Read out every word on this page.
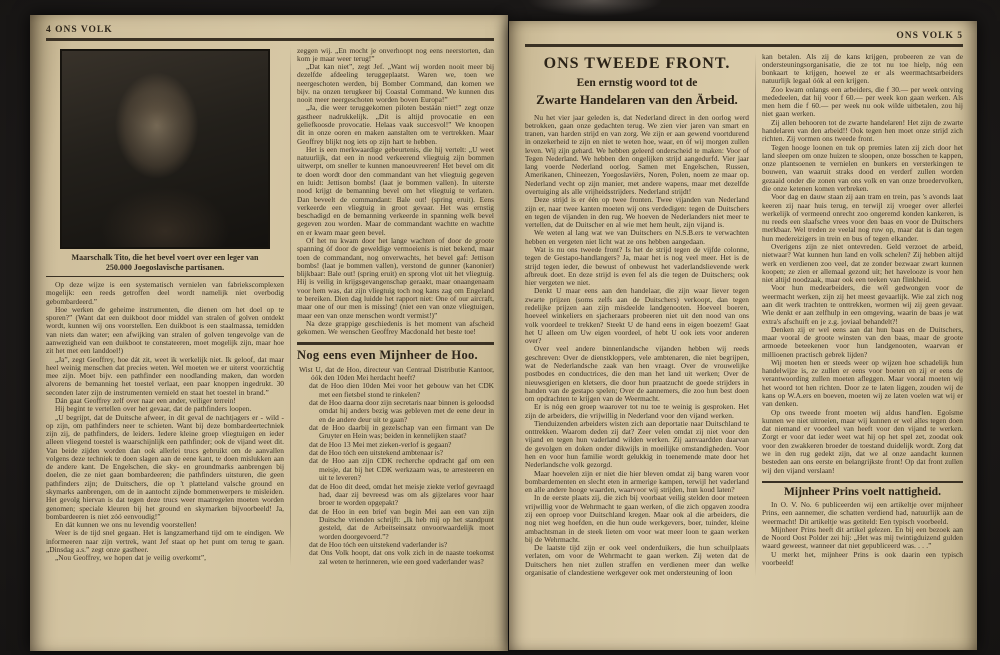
4 ONS VOLK
Maarschalk Tito, die het bevel voert over een leger van
250.000 Joegoslavische partisanen.

Op deze wijze is een systematisch vernielen van fabriekscomplexen mogelijk: een reeds getroffen deel wordt namelijk niet overbodig gebombardeerd.”

Hoe werken de geheime instrumenten, die dienen om het doel op te sporen?” (Want dat een duikboot door middel van stralen of golven ontdekt wordt, kunnen wij ons voorstellen. Een duikboot is een staalmassa, temidden van niets dan water; een afwijking van stralen of golven tengevolge van de aanwezigheid van een duikboot te constateeren, moet mogelijk zijn, maar hoe zit het met een landdoel!)

„Ja”, zegt Geoffrey, hoe dát zit, weet ik werkelijk niet. Ik geloof, dat maar heel weinig menschen dat precies weten. Wel moeten we er uiterst voorzichtig mee zijn. Moet bijv. een pathfinder een noodlanding maken, dan worden alvorens de bemanning het toestel verlaat, een paar knoppen ingedrukt. 30 seconden later zijn de instrumenten vernield en staat het toestel in brand.”

Dán gaat Geoffrey zelf over naar een ander, veiliger terrein!

Hij begint te vertellen over het gevaar, dat de pathfinders loopen.

„U begrijpt, dat de Duitsche afweer, in dit geval de nachtjagers er - wild - op zijn, om pathfinders neer te schieten. Want bij deze bombardeertechniek zijn zij, de pathfinders, de leiders. Iedere kleine groep vliegtuigen en ieder alleen vliegend toestel is waarschijnlijk een pathfinder; ook de vijand weet dit. Van beide zijden worden dan ook allerlei trucs gebruikt om de aanvallen volgens deze techniek te doen slagen aan de eene kant, te doen mislukken aan de andere kant. De Engelschen, die sky- en groundmarks aanbrengen bij doelen, die ze niet gaan bombardeeren; die pathfinders uitsturen, die geen pathfinders zijn; de Duitschers, die op 't platteland valsche ground en skymarks aanbrengen, om de in aantocht zijnde bommenwerpers te misleiden. Het gevolg hiervan is dat tegen deze trucs weer maatregelen moeten worden genomen; speciale kleuren bij het ground en skymarken bijvoorbeeld! Ja, bombardeeren is niet zóó eenvoudig!”

En dát kunnen we ons nu levendig voorstellen!

Weer is de tijd snel gegaan. Het is langzamerhand tijd om te eindigen. We informeeren naar zijn vertrek, want Jef staat op het punt om terug te gaan. „Dinsdag a.s.” zegt onze gastheer.

„Nou Geoffrey, we hopen dat je veilig overkomt”,

zeggen wij. „En mocht je onverhoopt nog eens neerstorten, dan kom je maar weer terug!”

„Dat kan niet”, zegt Jef. „Want wij worden nooit meer bij dezelfde afdeeling teruggeplaatst. Waren we, toen we neergeschoten werden, bij Bomber Command, dan komen we bijv. na onzen terugkeer bij Coastal Command. We kunnen dus nooit meer neergeschoten worden boven Europa!”

„Ja, die weer teruggekomen piloten bestáán niet!” zegt onze gastheer nadrukkelijk. „Dit is altijd provocatie en een geliefkoosde provocatie. Helaas vaak succesvol!” We knoopen dit in onze ooren en maken aanstalten om te vertrekken. Maar Geoffrey blijkt nog iets op zijn hart te hebben.

Het is een merkwaardige gebeurtenis, die hij vertelt: „U weet natuurlijk, dat een in nood verkeerend vliegtuig zijn bommen uitwerpt, om sneller te kunnen manoeuvreeren! Het bevel om dit te doen wordt door den commandant van het vliegtuig gegeven en luidt: Jettison bombs! (laat je bommen vallen). In uiterste nood krijgt de bemanning bevel om het vliegtuig te verlaten. Dan beveelt de commandant: Bale out! (spring eruit). Eens verkeerde een vliegtuig in groot gevaar. Het was ernstig beschadigd en de bemanning verkeerde in spanning welk bevel gegeven zou worden. Maar de commandant wachtte en wachtte en er kwam maar geen bevel.

Of het nu kwam door het lange wachten of door de groote spanning óf door de geweldige vermoeienis is niet bekend, maar toen de commandant, nog onverwachts, het bevel gaf: Jettison bombs! (laat je bommen vallen), verstond de gunner (kanonier) blijkbaar: Bale out! (spring eruit) en sprong vlot uit het vliegtuig. Hij is veilig in krijgsgevangenschap geraakt, maar onaangenaam voor hem was, dat zijn vliegtuig toch nog kans zag om Engeland te bereiken. Dien dag luidde het rapport niet: One of our aircraft, maar one of our men is missing! (niet een van onze vliegtuigen, maar een van onze menschen wordt vermist!)”

Na deze grappige geschiedenis is het moment van afscheid gekomen. We wenschen Geoffrey Macdonald het beste toe!

Nog eens even Mijnheer de Hoo.

Wist U, dat de Hoo, directeur van Centraal Distributie Kantoor, óók den 10den Mei herdacht heeft?

dat de Hoo dien 10den Mei voor het gebouw van het CDK met een fietsbel stond te rinkelen?

dat de Hoo daarna door zijn secretaris naar binnen is geloodsd omdat hij anders bezig was gebleven met de eene deur in en de andere deur uit te gaan?

dat de Hoo daarbij in gezelschap van een firmant van De Gruyter en Hein was; beiden in kennelijken staat?

dat de Hoo 13 Mei met zieken-verlof is gegaan?

dat de Hoo tóch een uitstekend ambtenaar is?

dat de Hoo aan zijn CDK recherche opdracht gaf om een meisje, dat bij het CDK werkzaam was, te arresteeren en uit te leveren?

dat de Hoo dit deed, omdat het meisje ziekte verlof gevraagd had, daar zij bevreesd was om als gijzelares voor haar broer te worden opgepakt?

dat de Hoo in een brief van begin Mei aan een van zijn Duitsche vrienden schrijft: „Ik heb mij op het standpunt gesteld, dat de Arbeitseinsatz onvoorwaardelijk moet worden doorgevoerd.”?

dat de Hoo tóch een uitstekend vaderlander is?

dat Ons Volk hoopt, dat ons volk zich in de naaste toekomst zal weten te herinneren, wie een goed vaderlander was?

ONS VOLK 5
ONS TWEEDE FRONT.
Een ernstig woord tot de
Zwarte Handelaren van den Ärbeid.

Nu het vier jaar geleden is, dat Nederland direct in den oorlog werd betrokken, gaan onze gedachten terug. We zien vier jaren van smart en tranen, van harden strijd en van zorg. We zijn er aan gewend voortdurend in onzekerheid te zijn en niet te weten hoe, waar, en óf wij morgen zullen leven. Wij zijn gehard. We hebben geleerd onderscheid te maken: Voor of Tegen Nederland. We hebben den ongelijken strijd aangedurfd. Vier jaar lang voerde Nederland oorlog. Samen met Engelschen, Russen, Amerikanen, Chineezen, Yoegoslaviërs, Noren, Polen, noem ze maar op. Nederland vecht op zijn manier, met andere wapens, maar met dezelfde overtuiging als alle vrijheidsstrijders. Nederland strijdt!

Deze strijd is er één op twee fronten. Twee vijanden van Nederland zijn er, naar twee kanten moeten wij ons verdedigen: tegen de Duitschers en tegen de vijanden in den rug. We hoeven de Nederlanders niet meer te vertellen, dat de Duitscher en al wie met hem heult, zijn vijand is.

We weten al lang wat we van Duitschers en N.S.B.ers te verwachten hebben en vergeten niet licht wat ze ons hebben aangedaan.

Wat is nu ons tweede front? Is het de strijd tegen de vijfde colonne, tegen de Gestapo-handlangers? Ja, maar het is nog veel meer. Het is de strijd tegen ieder, die bewust of onbewust het vaderlandslievende werk afbreuk doet. En deze strijd is even fel als die tegen de Duitschers; ook hier vergeten we niet.

Denkt U maar eens aan den handelaar, die zijn waar liever tegen zwarte prijzen (soms zelfs aan de Duitschers) verkoopt, dan tegen redelijke prijzen aan zijn misdeelde landgenooten. Hoeveel boeren, hoeveel winkeliers en sjacheraars probeeren niet uit den nood van ons volk voordeel te trekken? Steekt U de hand eens in eigen boezem! Gaat het U alleen om Uw eigen voordeel, of hebt U ook iets voor anderen over?

Over veel andere binnenlandsche vijanden hebben wij reeds geschreven: Over de dienstkloppers, vele ambtenaren, die niet begrijpen, wat de Nederlandsche zaak van hen vraagt. Over de vrouwelijke postbodes en conductrices, die den man het land uit werken; Over de nieuwsgierigen en kletsers, die door hun praatzucht de goede strijders in handen van de gestapo spelen; Over de aannemers, die zoo hun best doen om opdrachten te krijgen van de Weermacht.

Er is nóg een groep waarover tot nu toe te weinig is gesproken. Het zijn de arbeiders, die vrijwillig in Nederland voor den vijand werken.

Tienduizenden arbeiders wisten zich aan deportatie naar Duitschland te onttrekken. Waarom deden zij dat? Zeer velen omdat zij niet voor den vijand en tegen hun vaderland wilden werken. Zij aanvaardden daarvan de gevolgen en doken onder dikwijls in moeilijke omstandigheden. Voor hen en voor hun familie wordt gelukkig in toenemende mate door het Nederlandsche volk gezorgd.

Maar hoevelen zijn er niet die hier bleven omdat zij bang waren voor bombardementen en slecht eten in armerige kampen, terwijl het vaderland en alle andere hooge waarden, waarvoor wij strijden, hun koud laten?

In de eerste plaats zij, die zich bij voorbaat veilig stelden door meteen vrijwillig voor de Wehrmacht te gaan werken, of die zich opgaven zoodra zij een oproep voor Duitschland kregen. Maar ook al die arbeiders, die nog niet weg hoefden, en die hun oude werkgevers, boer, tuinder, kleine ambachtsman in de steek lieten om voor wat meer loon te gaan werken bij de Wehrmacht.

De laatste tijd zijn er ook veel onderduikers, die hun schuilplaats verlaten, om voor de Wehrmacht te gaan werken. Zij weten dat de Duitschers hen niet zullen straffen en verdienen meer dan welke organisatie of clandestiene werkgever ook met ondersteuning of loon

kan betalen. Als zij de kans krijgen, probeeren ze van de ondersteuningsorganisatie, die ze tot nu toe hielp, nóg een bonkaart te krijgen, hoewel ze er als weermachtsarbeiders natuurlijk legaal óók al een krijgen.

Zoo kwam onlangs een arbeiders, die f 30.— per week ontving mededeelen, dat hij voor f 60.— per week kon gaan werken. Als men hem die f 60.— per week nu ook wilde uitbetalen, zou hij niet gaan werken.

Zij allen behooren tot de zwarte handelaren! Het zijn de zwarte handelaren van den arbeid!! Ook tegen hen moet onze strijd zich richten. Zij vormen ons tweede front.

Tegen hooge loonen en tuk op premies laten zij zich door het land sleepen om onze huizen te sloopen, onze bosschen te kappen, onze plantsoenen te vernielen en bunkers en versterkingen te bouwen, van waaruit straks dood en verderf zullen worden gezaaid onder die zonen van ons volk en van onze broedervolken, die onze ketenen komen verbreken.

Voor dag en dauw staan zij aan tram en trein, pas 's avonds laat keeren zij naar huis terug, en terwijl zij vroeger over allerlei werkelijk of vermeend onrecht zoo ongeremd konden kankeren, is nu reeds een slaafsche vrees voor den baas en voor de Duitschers merkbaar. Wel treden ze veelal nog ruw op, maar dat is dan tegen hun medereizigers in trein en bus of tegen elkander.

Overigens zijn ze niet ontevreden. Geld verzoet de arbeid, nietwaar? Wat kunnen hun land en volk schelen? Zij hebben altijd werk en verdienen zoo veel, dat ze zonder bezwaar zwart kunnen koopen; ze zien er allemaal gezond uit; het havelooze is voor hen niet altijd noodzaak, maar ook een teeken van flinkheid.

Voor hun medearbeiders, die wél gedwongen voor de weermacht werken, zijn zij het meest gevaarlijk. Wie zal zich nog aan dit werk trachten te onttrekken, wormen wij zij geen gevaar. Wie denkt er aan zelfhulp in een omgeving, waarin de baas je wat extra's afschuift en je z.g. joviaal behandelt?!

Denken zij er wel eens aan dat hun baas en de Duitschers, maar vooral de groote winsten van den baas, maar de groote armoede beteekenen voor hun landgenooten, waarvan er millioenen practisch gebrek lijden?

Wij moeten hen er steeds weer op wijzen hoe schadelijk hun handelwijze is, ze zullen er eens voor boeten en zij er eens de verantwoording zullen moeten afleggen. Maar vooral moeten wij het woord tot hen richten. Door ze te laten liggen, zouden wij de kans op W.A.ers en boeven, moeten wij ze laten voelen wat wij er van denken.

Op ons tweede front moeten wij aldus hand'len. Egoïsme kunnen we niet uitroeien, maar wij kunnen er wel alles tegen doen dat niemand er voordeel van heeft voor den vijand te werken. Zorgt er voor dat ieder weet wat hij op het spel zet, zoodat ook voor den zwakkeren broeder de toestand duidelijk wordt. Zorg dat we in den rug gedekt zijn, dat we al onze aandacht kunnen besteden aan ons eerste en belangrijkste front! Op dat front zullen wij den vijand verslaan!

Mijnheer Prins voelt nattigheid.

In O. V. No. 6 publiceerden wij een artikeltje over mijnheer Prins, een aannemer, die schatten verdiend had, natuurlijk aan de weermacht! Dit artikeltje was getiteld: Een typisch voorbeeld.

Mijnheer Prins heeft dit artikel gelezen. En bij een bezoek aan de Noord Oost Polder zei hij: „Het was mij twintigduizend gulden waard geweest, wanneer dat niet gepubliceerd was. . . .”

U merkt het, mijnheer Prins is ook daarin een typisch voorbeeld!
